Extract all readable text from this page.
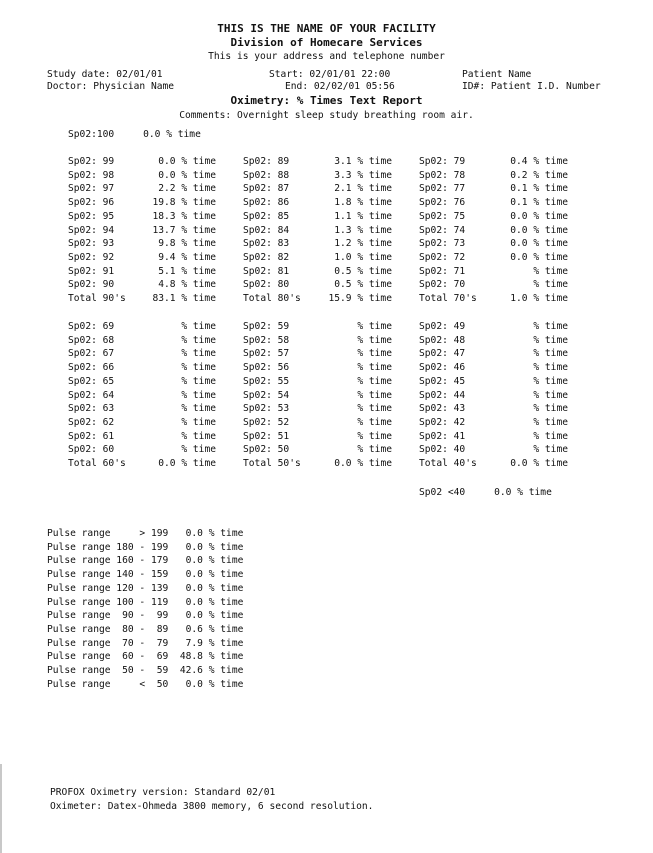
THIS IS THE NAME OF YOUR FACILITY
Division of Homecare Services
This is your address and telephone number
Study date: 02/01/01	Start: 02/01/01 22:00	Patient Name
Doctor: Physician Name	End: 02/02/01 05:56	ID#: Patient I.D. Number
Oximetry: % Times Text Report
Comments: Overnight sleep study breathing room air.
Sp02:100     0.0 % time
Sp02: 99	0.0 % time	Sp02: 89	3.1 % time	Sp02: 79	0.4 % time
Sp02: 98	0.0 % time	Sp02: 88	3.3 % time	Sp02: 78	0.2 % time
Sp02: 97	2.2 % time	Sp02: 87	2.1 % time	Sp02: 77	0.1 % time
Sp02: 96	19.8 % time	Sp02: 86	1.8 % time	Sp02: 76	0.1 % time
Sp02: 95	18.3 % time	Sp02: 85	1.1 % time	Sp02: 75	0.0 % time
Sp02: 94	13.7 % time	Sp02: 84	1.3 % time	Sp02: 74	0.0 % time
Sp02: 93	9.8 % time	Sp02: 83	1.2 % time	Sp02: 73	0.0 % time
Sp02: 92	9.4 % time	Sp02: 82	1.0 % time	Sp02: 72	0.0 % time
Sp02: 91	5.1 % time	Sp02: 81	0.5 % time	Sp02: 71	% time
Sp02: 90	4.8 % time	Sp02: 80	0.5 % time	Sp02: 70	% time
Total 90's	83.1 % time	Total 80's	15.9 % time	Total 70's	1.0 % time
Sp02: 69	% time	Sp02: 59	% time	Sp02: 49	% time
Sp02: 68	% time	Sp02: 58	% time	Sp02: 48	% time
Sp02: 67	% time	Sp02: 57	% time	Sp02: 47	% time
Sp02: 66	% time	Sp02: 56	% time	Sp02: 46	% time
Sp02: 65	% time	Sp02: 55	% time	Sp02: 45	% time
Sp02: 64	% time	Sp02: 54	% time	Sp02: 44	% time
Sp02: 63	% time	Sp02: 53	% time	Sp02: 43	% time
Sp02: 62	% time	Sp02: 52	% time	Sp02: 42	% time
Sp02: 61	% time	Sp02: 51	% time	Sp02: 41	% time
Sp02: 60	% time	Sp02: 50	% time	Sp02: 40	% time
Total 60's	0.0 % time	Total 50's	0.0 % time	Total 40's	0.0 % time
Sp02 <40     0.0 % time
Pulse range     > 199   0.0 % time
Pulse range 180 - 199   0.0 % time
Pulse range 160 - 179   0.0 % time
Pulse range 140 - 159   0.0 % time
Pulse range 120 - 139   0.0 % time
Pulse range 100 - 119   0.0 % time
Pulse range  90 -  99   0.0 % time
Pulse range  80 -  89   0.6 % time
Pulse range  70 -  79   7.9 % time
Pulse range  60 -  69  48.8 % time
Pulse range  50 -  59  42.6 % time
Pulse range     <  50   0.0 % time
PROFOX Oximetry version: Standard 02/01
Oximeter: Datex-Ohmeda 3800 memory, 6 second resolution.
